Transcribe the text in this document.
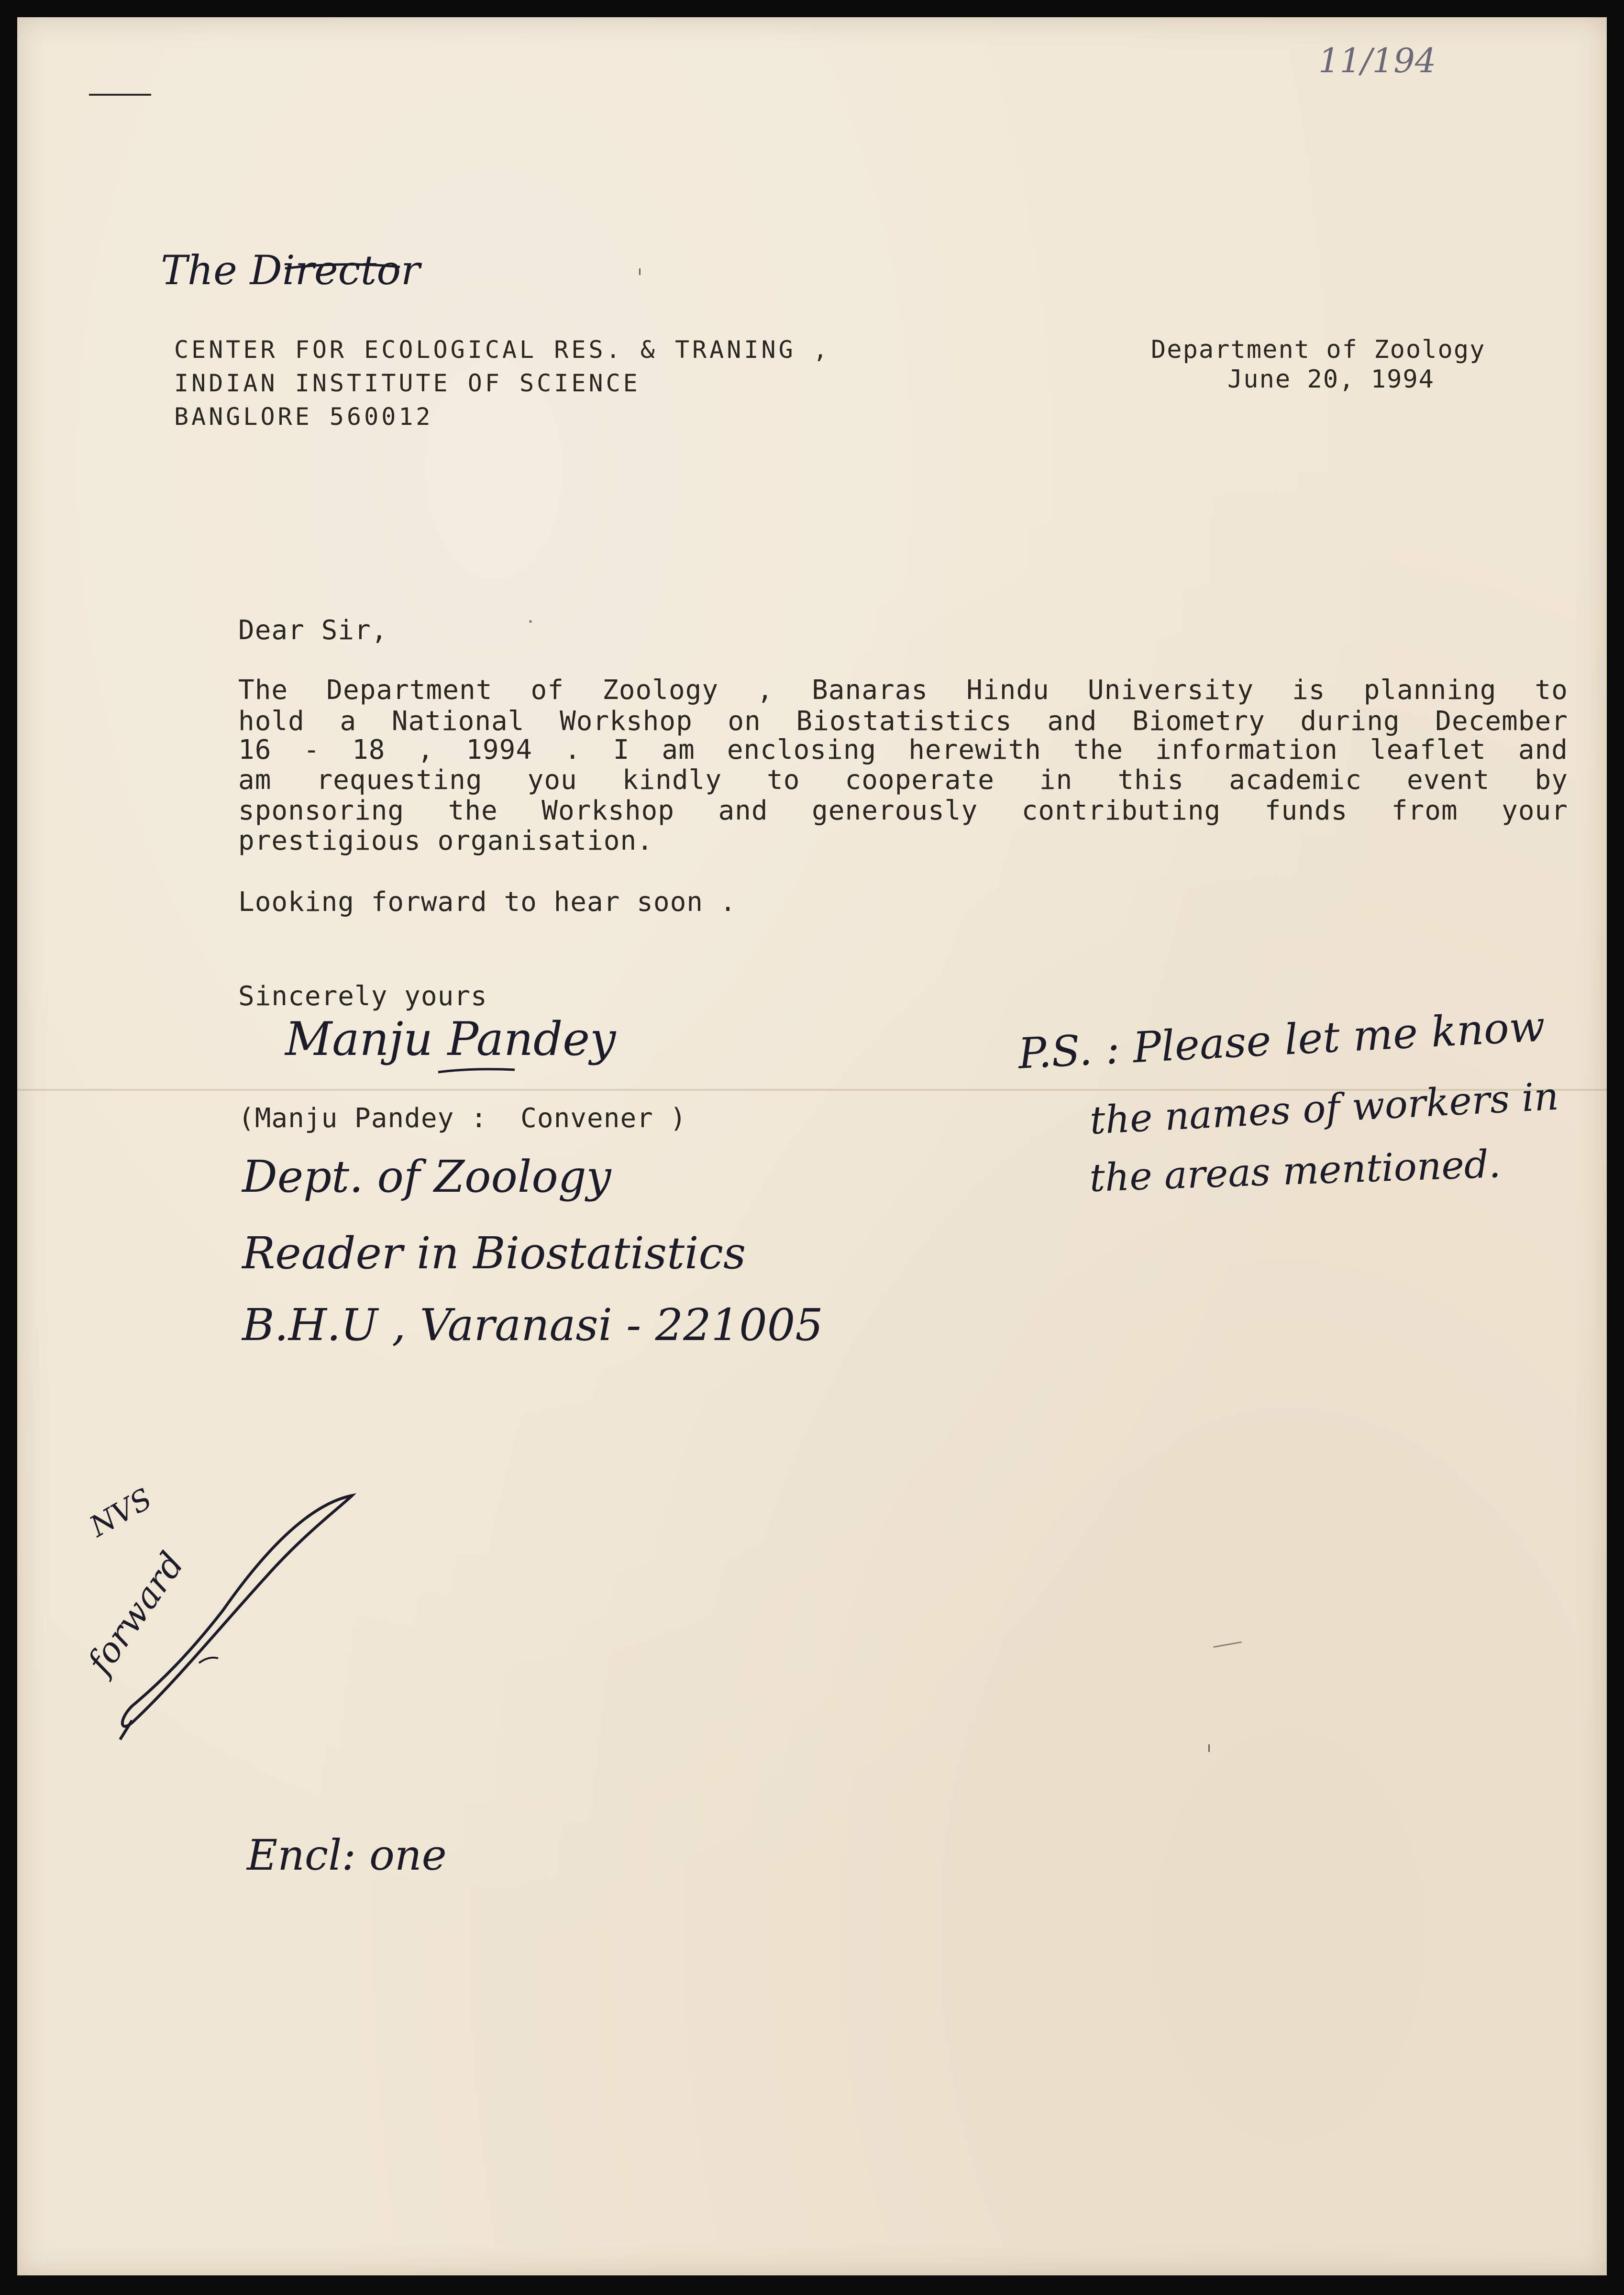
11/194
The Director
CENTER FOR ECOLOGICAL RES. & TRANING ,
INDIAN INSTITUTE OF SCIENCE
BANGLORE 560012
Department of Zoology
June 20, 1994
Dear Sir,
The Department of Zoology , Banaras Hindu University is planning to
hold a National Workshop on Biostatistics and Biometry during December
16 - 18 , 1994 . I am enclosing herewith the information leaflet and
am requesting you kindly to cooperate in this academic event by
sponsoring the Workshop and generously contributing funds from your
prestigious organisation.
Looking forward to hear soon .
Sincerely yours
Manju Pandey
(Manju Pandey :  Convener )
Dept. of Zoology
Reader in Biostatistics
B.H.U , Varanasi - 221005
P.S. : Please let me know
the names of workers in
the areas mentioned.
NVS
forward
Encl: one
